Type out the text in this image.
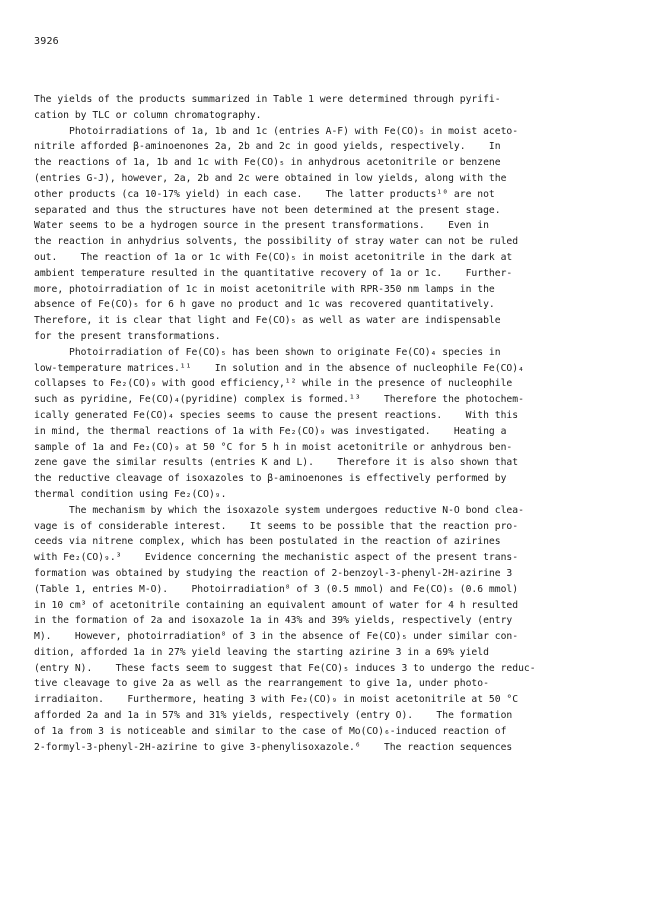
3926
The yields of the products summarized in Table 1 were determined through pyrifi-
cation by TLC or column chromatography.
Photoirradiations of 1a, 1b and 1c (entries A-F) with Fe(CO)₅ in moist aceto-
nitrile afforded β-aminoenones 2a, 2b and 2c in good yields, respectively.    In
the reactions of 1a, 1b and 1c with Fe(CO)₅ in anhydrous acetonitrile or benzene
(entries G-J), however, 2a, 2b and 2c were obtained in low yields, along with the
other products (ca 10-17% yield) in each case.    The latter products¹⁰ are not
separated and thus the structures have not been determined at the present stage.
Water seems to be a hydrogen source in the present transformations.    Even in
the reaction in anhydrius solvents, the possibility of stray water can not be ruled
out.    The reaction of 1a or 1c with Fe(CO)₅ in moist acetonitrile in the dark at
ambient temperature resulted in the quantitative recovery of 1a or 1c.    Further-
more, photoirradiation of 1c in moist acetonitrile with RPR-350 nm lamps in the
absence of Fe(CO)₅ for 6 h gave no product and 1c was recovered quantitatively.
Therefore, it is clear that light and Fe(CO)₅ as well as water are indispensable
for the present transformations.
Photoirradiation of Fe(CO)₅ has been shown to originate Fe(CO)₄ species in
low-temperature matrices.¹¹    In solution and in the absence of nucleophile Fe(CO)₄
collapses to Fe₂(CO)₉ with good efficiency,¹² while in the presence of nucleophile
such as pyridine, Fe(CO)₄(pyridine) complex is formed.¹³    Therefore the photochem-
ically generated Fe(CO)₄ species seems to cause the present reactions.    With this
in mind, the thermal reactions of 1a with Fe₂(CO)₉ was investigated.    Heating a
sample of 1a and Fe₂(CO)₉ at 50 °C for 5 h in moist acetonitrile or anhydrous ben-
zene gave the similar results (entries K and L).    Therefore it is also shown that
the reductive cleavage of isoxazoles to β-aminoenones is effectively performed by
thermal condition using Fe₂(CO)₉.
The mechanism by which the isoxazole system undergoes reductive N-O bond clea-
vage is of considerable interest.    It seems to be possible that the reaction pro-
ceeds via nitrene complex, which has been postulated in the reaction of azirines
with Fe₂(CO)₉.³    Evidence concerning the mechanistic aspect of the present trans-
formation was obtained by studying the reaction of 2-benzoyl-3-phenyl-2H-azirine 3
(Table 1, entries M-O).    Photoirradiation⁸ of 3 (0.5 mmol) and Fe(CO)₅ (0.6 mmol)
in 10 cm³ of acetonitrile containing an equivalent amount of water for 4 h resulted
in the formation of 2a and isoxazole 1a in 43% and 39% yields, respectively (entry
M).    However, photoirradiation⁸ of 3 in the absence of Fe(CO)₅ under similar con-
dition, afforded 1a in 27% yield leaving the starting azirine 3 in a 69% yield
(entry N).    These facts seem to suggest that Fe(CO)₅ induces 3 to undergo the reduc-
tive cleavage to give 2a as well as the rearrangement to give 1a, under photo-
irradiaiton.    Furthermore, heating 3 with Fe₂(CO)₉ in moist acetonitrile at 50 °C
afforded 2a and 1a in 57% and 31% yields, respectively (entry O).    The formation
of 1a from 3 is noticeable and similar to the case of Mo(CO)₆-induced reaction of
2-formyl-3-phenyl-2H-azirine to give 3-phenylisoxazole.⁶    The reaction sequences
